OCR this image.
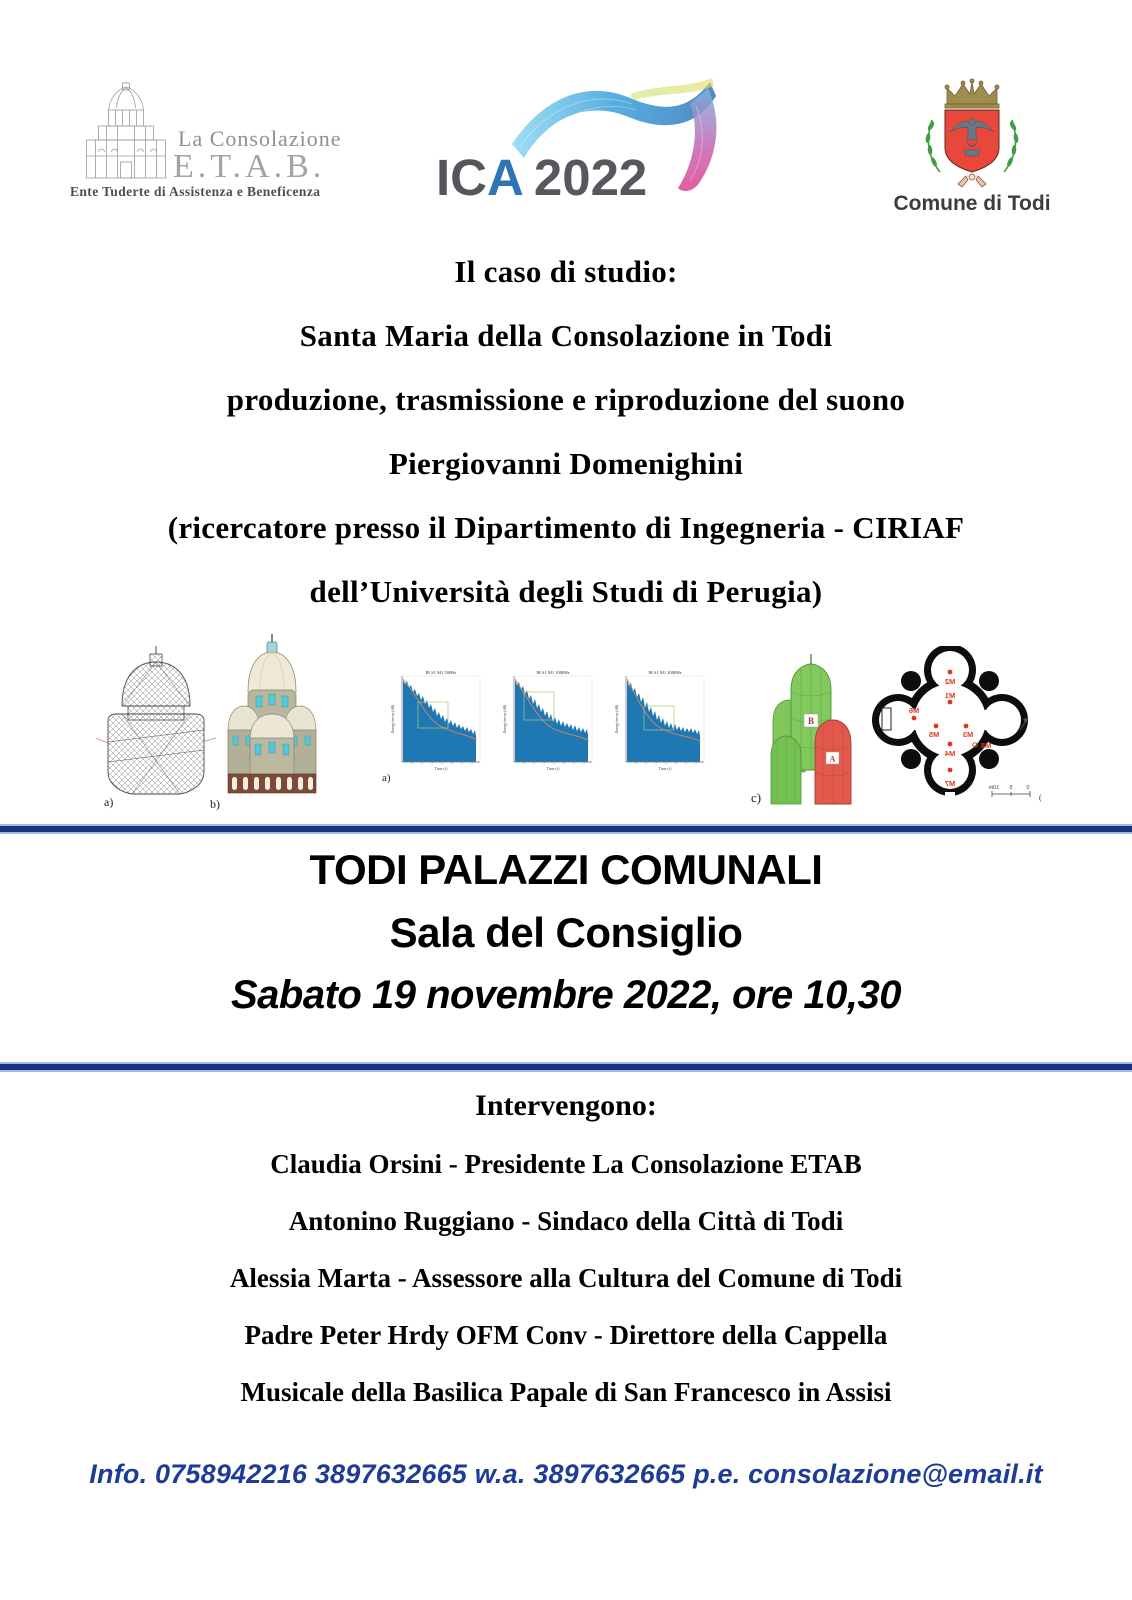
La Consolazione
E.T.A.B.
Ente Tuderte di Assistenza e Beneficenza	ICA 2022	Comune di Todi
Il caso di studio:
Santa Maria della Consolazione in Todi
produzione, trasmissione e riproduzione del suono
Piergiovanni Domenighini
(ricercatore presso il Dipartimento di Ingegneria - CIRIAF
dell’Università degli Studi di Perugia)
a)	b)
IR S1 M1 500Hz
Time (s)
Energy decay (dB)
IR S1 M1 1000Hz
Time (s)
Energy decay (dB)
IR S1 M1 2000Hz
Time (s)
Energy decay (dB)
a)
B
A
c)
M2
M1
M6
M5	M3
M4
M8
M7	10m 5	0
(
TODI PALAZZI COMUNALI
Sala del Consiglio
Sabato 19 novembre 2022, ore 10,30
Intervengono:
Claudia Orsini - Presidente La Consolazione ETAB
Antonino Ruggiano - Sindaco della Città di Todi
Alessia Marta - Assessore alla Cultura del Comune di Todi
Padre Peter Hrdy OFM Conv - Direttore della Cappella
Musicale della Basilica Papale di San Francesco in Assisi
Info. 0758942216 3897632665 w.a. 3897632665 p.e. consolazione@email.it
